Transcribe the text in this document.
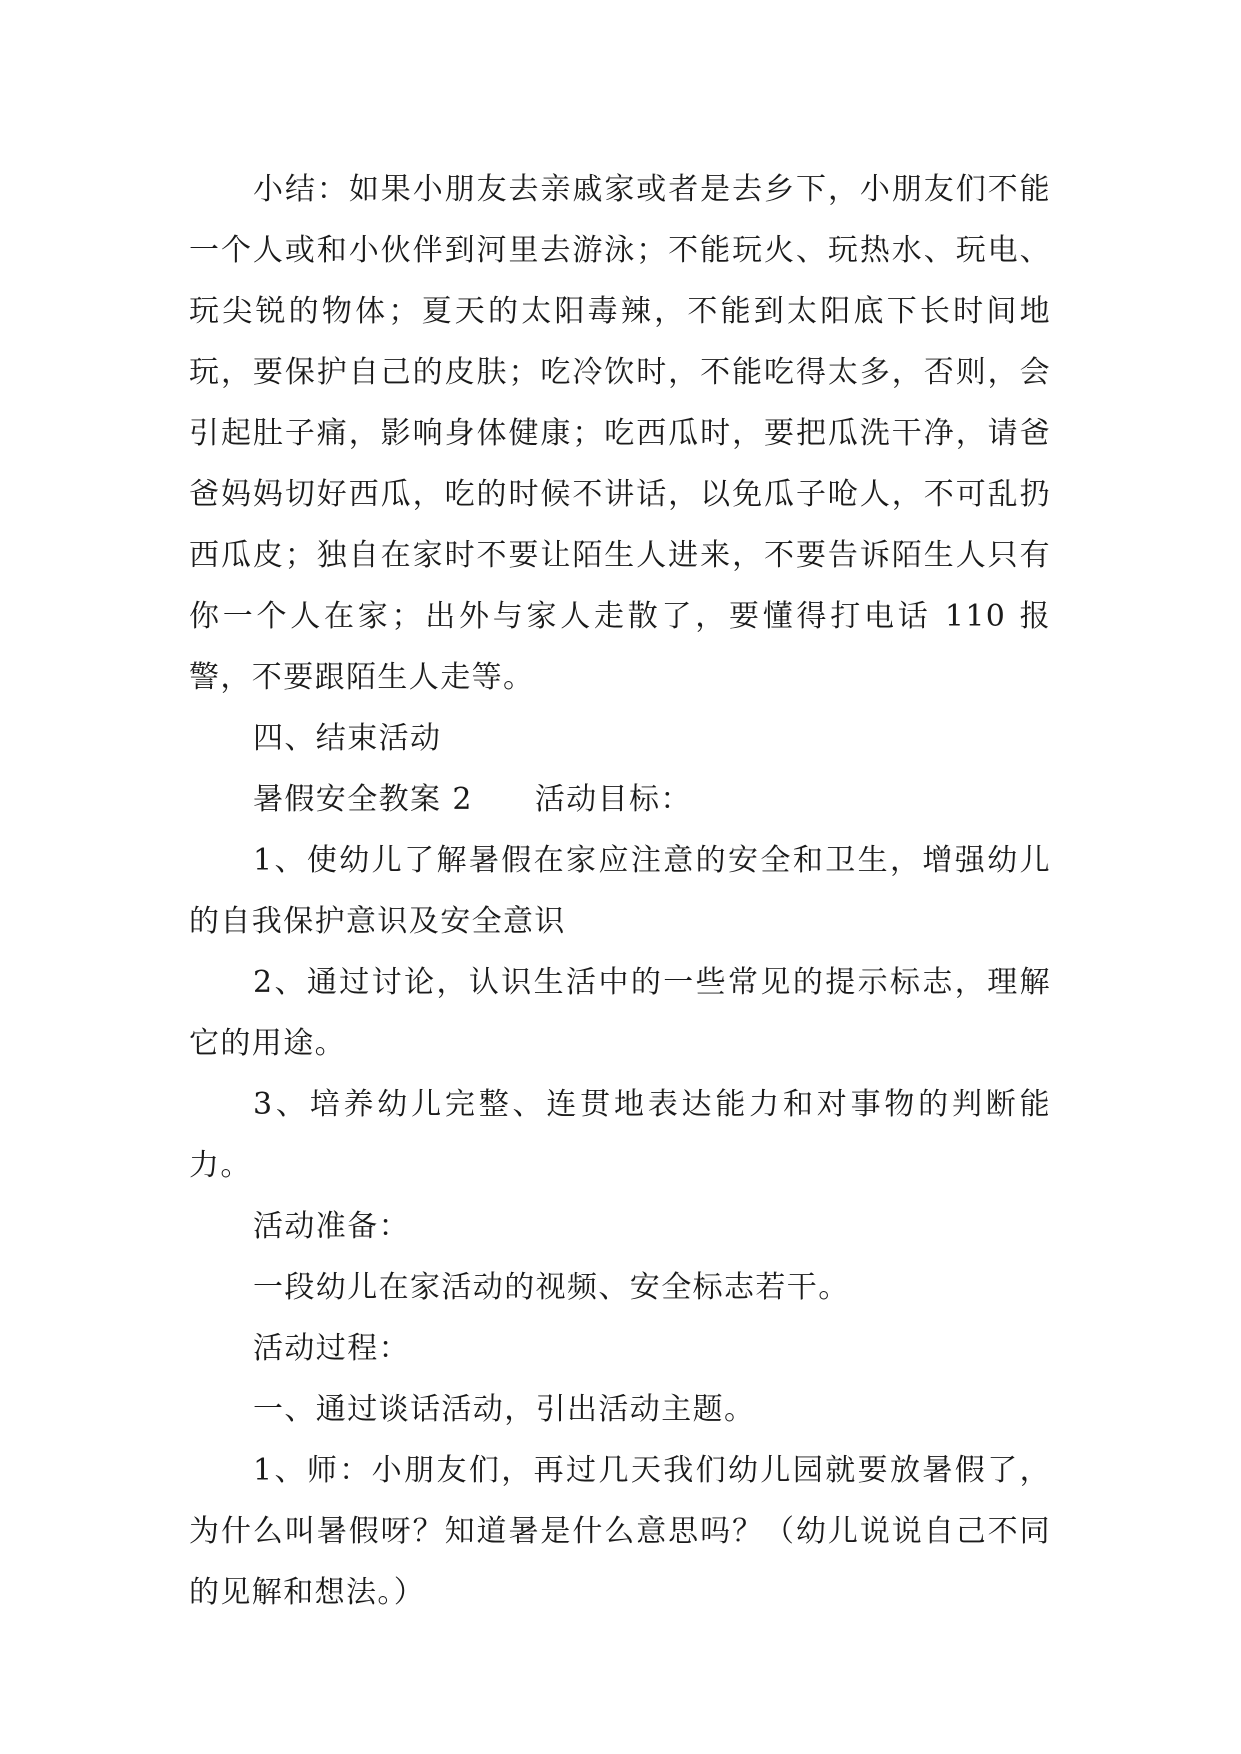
小结：如果小朋友去亲戚家或者是去乡下，小朋友们不能一个人或和小伙伴到河里去游泳；不能玩火、玩热水、玩电、玩尖锐的物体；夏天的太阳毒辣，不能到太阳底下长时间地玩，要保护自己的皮肤；吃冷饮时，不能吃得太多，否则，会引起肚子痛，影响身体健康；吃西瓜时，要把瓜洗干净，请爸爸妈妈切好西瓜，吃的时候不讲话，以免瓜子呛人，不可乱扔西瓜皮；独自在家时不要让陌生人进来，不要告诉陌生人只有你一个人在家；出外与家人走散了，要懂得打电话 110 报警，不要跟陌生人走等。

四、结束活动

暑假安全教案 2 活动目标：

1、使幼儿了解暑假在家应注意的安全和卫生，增强幼儿的自我保护意识及安全意识

2、通过讨论，认识生活中的一些常见的提示标志，理解它的用途。

3、培养幼儿完整、连贯地表达能力和对事物的判断能力。

活动准备：

一段幼儿在家活动的视频、安全标志若干。

活动过程：

一、通过谈话活动，引出活动主题。

1、师：小朋友们，再过几天我们幼儿园就要放暑假了，为什么叫暑假呀？知道暑是什么意思吗？（幼儿说说自己不同的见解和想法。）
